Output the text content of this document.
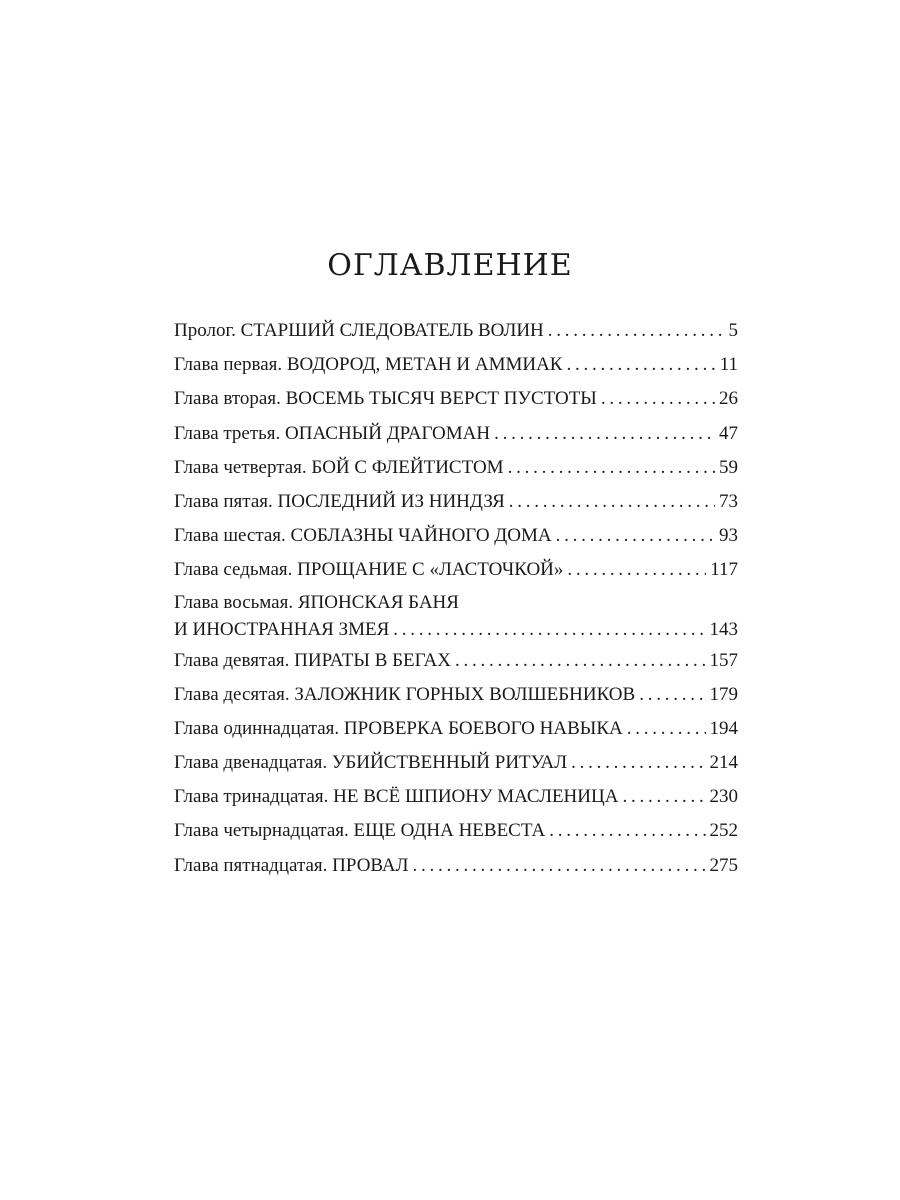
ОГЛАВЛЕНИЕ
Пролог. СТАРШИЙ СЛЕДОВАТЕЛЬ ВОЛИН . . .	5
Глава первая. ВОДОРОД, МЕТАН И АММИАК . . .	11
Глава вторая. ВОСЕМЬ ТЫСЯЧ ВЕРСТ ПУСТОТЫ . . .	26
Глава третья. ОПАСНЫЙ ДРАГОМАН . . .	47
Глава четвертая. БОЙ С ФЛЕЙТИСТОМ . . .	59
Глава пятая. ПОСЛЕДНИЙ ИЗ НИНДЗЯ . . .	73
Глава шестая. СОБЛАЗНЫ ЧАЙНОГО ДОМА . . .	93
Глава седьмая. ПРОЩАНИЕ С «ЛАСТОЧКОЙ» . . .	117
Глава восьмая. ЯПОНСКАЯ БАНЯ
И ИНОСТРАННАЯ ЗМЕЯ . . .	143
Глава девятая. ПИРАТЫ В БЕГАХ . . .	157
Глава десятая. ЗАЛОЖНИК ГОРНЫХ ВОЛШЕБНИКОВ . . .	179
Глава одиннадцатая. ПРОВЕРКА БОЕВОГО НАВЫКА . . .	194
Глава двенадцатая. УБИЙСТВЕННЫЙ РИТУАЛ . . .	214
Глава тринадцатая. НЕ ВСЁ ШПИОНУ МАСЛЕНИЦА . . .	230
Глава четырнадцатая. ЕЩЕ ОДНА НЕВЕСТА . . .	252
Глава пятнадцатая. ПРОВАЛ . . .	275
